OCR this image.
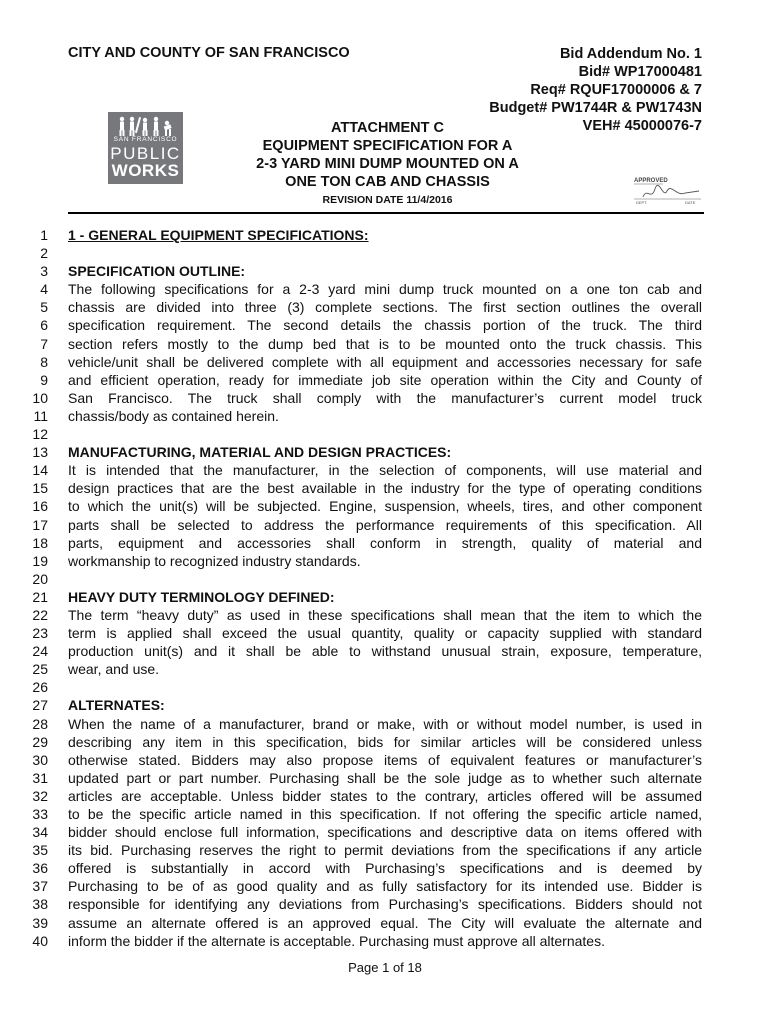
CITY AND COUNTY OF SAN FRANCISCO	Bid Addendum No. 1
Bid# WP17000481
Req# RQUF17000006 & 7
Budget# PW1744R & PW1743N
VEH# 45000076-7
SAN FRANCISCO
PUBLIC
WORKS
ATTACHMENT C
EQUIPMENT SPECIFICATION FOR A
2-3 YARD MINI DUMP MOUNTED ON A
ONE TON CAB AND CHASSIS
REVISION DATE 11/4/2016
APPROVED
DEPT.	DATE
1
2
3
4
5
6
7
8
9
10
11
12
13
14
15
16
17
18
19
20
21
22
23
24
25
26
27
28
29
30
31
32
33
34
35
36
37
38
39
40
1 - GENERAL EQUIPMENT SPECIFICATIONS:
SPECIFICATION OUTLINE:
The following specifications for a 2-3 yard mini dump truck mounted on a one ton cab and
chassis are divided into three (3) complete sections. The first section outlines the overall
specification requirement. The second details the chassis portion of the truck. The third
section refers mostly to the dump bed that is to be mounted onto the truck chassis. This
vehicle/unit shall be delivered complete with all equipment and accessories necessary for safe
and efficient operation, ready for immediate job site operation within the City and County of
San Francisco. The truck shall comply with the manufacturer’s current model truck
chassis/body as contained herein.
MANUFACTURING, MATERIAL AND DESIGN PRACTICES:
It is intended that the manufacturer, in the selection of components, will use material and
design practices that are the best available in the industry for the type of operating conditions
to which the unit(s) will be subjected. Engine, suspension, wheels, tires, and other component
parts shall be selected to address the performance requirements of this specification. All
parts, equipment and accessories shall conform in strength, quality of material and
workmanship to recognized industry standards.
HEAVY DUTY TERMINOLOGY DEFINED:
The term “heavy duty” as used in these specifications shall mean that the item to which the
term is applied shall exceed the usual quantity, quality or capacity supplied with standard
production unit(s) and it shall be able to withstand unusual strain, exposure, temperature,
wear, and use.
ALTERNATES:
When the name of a manufacturer, brand or make, with or without model number, is used in
describing any item in this specification, bids for similar articles will be considered unless
otherwise stated. Bidders may also propose items of equivalent features or manufacturer’s
updated part or part number. Purchasing shall be the sole judge as to whether such alternate
articles are acceptable. Unless bidder states to the contrary, articles offered will be assumed
to be the specific article named in this specification. If not offering the specific article named,
bidder should enclose full information, specifications and descriptive data on items offered with
its bid. Purchasing reserves the right to permit deviations from the specifications if any article
offered is substantially in accord with Purchasing’s specifications and is deemed by
Purchasing to be of as good quality and as fully satisfactory for its intended use. Bidder is
responsible for identifying any deviations from Purchasing’s specifications. Bidders should not
assume an alternate offered is an approved equal. The City will evaluate the alternate and
inform the bidder if the alternate is acceptable. Purchasing must approve all alternates.
Page 1 of 18
